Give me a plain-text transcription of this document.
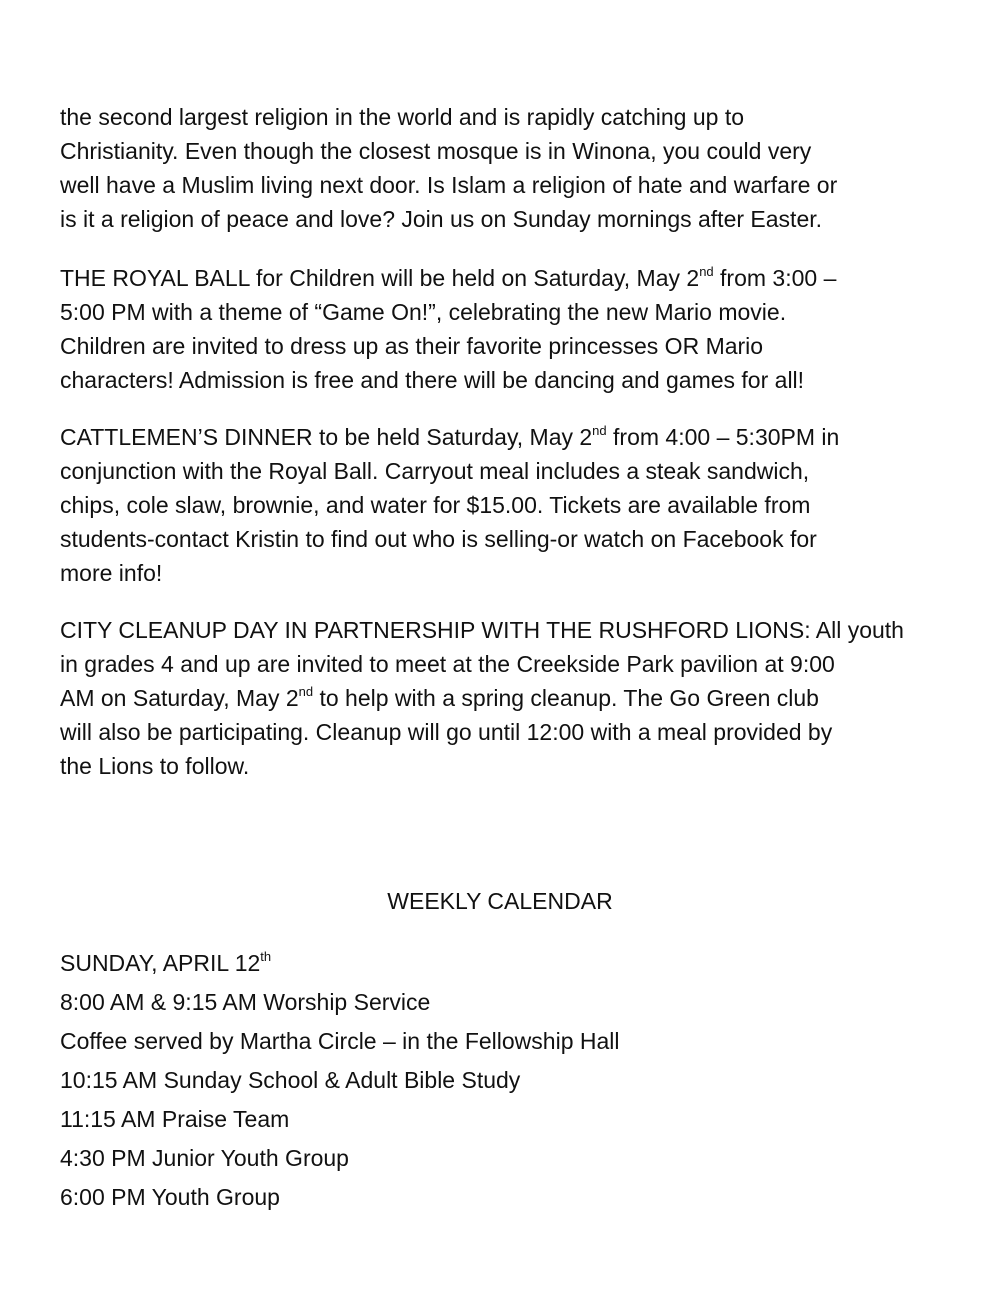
the second largest religion in the world and is rapidly catching up to
Christianity. Even though the closest mosque is in Winona, you could very
well have a Muslim living next door. Is Islam a religion of hate and warfare or
is it a religion of peace and love? Join us on Sunday mornings after Easter.

THE ROYAL BALL for Children will be held on Saturday, May 2nd from 3:00 –
5:00 PM with a theme of “Game On!”, celebrating the new Mario movie.
Children are invited to dress up as their favorite princesses OR Mario
characters! Admission is free and there will be dancing and games for all!

CATTLEMEN’S DINNER to be held Saturday, May 2nd from 4:00 – 5:30PM in
conjunction with the Royal Ball. Carryout meal includes a steak sandwich,
chips, cole slaw, brownie, and water for $15.00. Tickets are available from
students-contact Kristin to find out who is selling-or watch on Facebook for
more info!

CITY CLEANUP DAY IN PARTNERSHIP WITH THE RUSHFORD LIONS: All youth
in grades 4 and up are invited to meet at the Creekside Park pavilion at 9:00
AM on Saturday, May 2nd to help with a spring cleanup. The Go Green club
will also be participating. Cleanup will go until 12:00 with a meal provided by
the Lions to follow.

WEEKLY CALENDAR
SUNDAY, APRIL 12th
8:00 AM & 9:15 AM Worship Service
Coffee served by Martha Circle – in the Fellowship Hall
10:15 AM Sunday School & Adult Bible Study
11:15 AM Praise Team
4:30 PM Junior Youth Group
6:00 PM Youth Group
